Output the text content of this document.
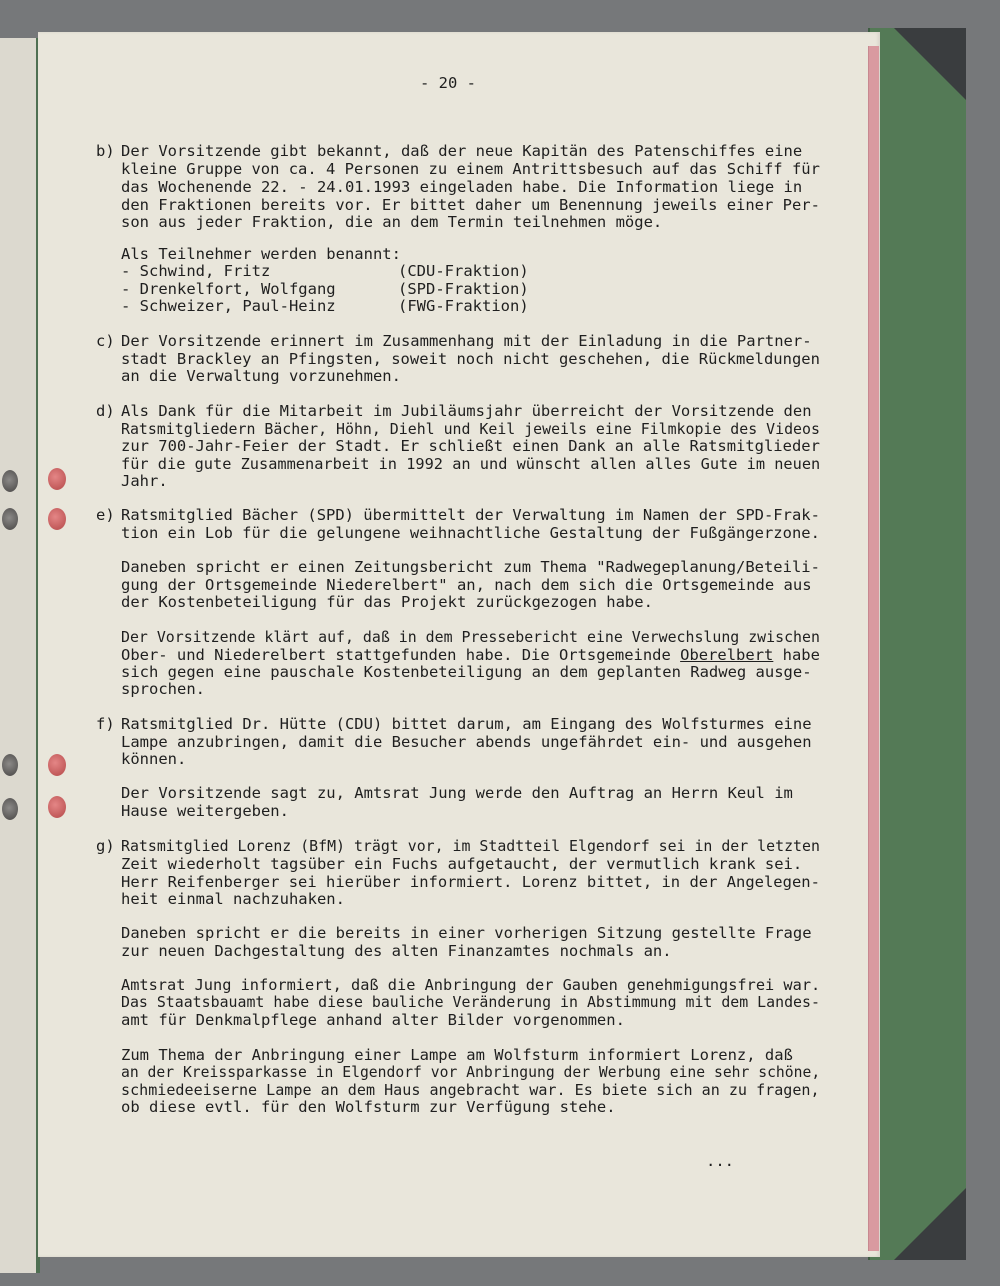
- 20 -

b) Der Vorsitzende gibt bekannt, daß der neue Kapitän des Patenschiffes eine

kleine Gruppe von ca. 4 Personen zu einem Antrittsbesuch auf das Schiff für

das Wochenende 22. - 24.01.1993 eingeladen habe. Die Information liege in

den Fraktionen bereits vor. Er bittet daher um Benennung jeweils einer Per-

son aus jeder Fraktion, die an dem Termin teilnehmen möge.

Als Teilnehmer werden benannt:

- Schwind, Fritz	(CDU-Fraktion)

- Drenkelfort, Wolfgang	(SPD-Fraktion)

- Schweizer, Paul-Heinz	(FWG-Fraktion)

c) Der Vorsitzende erinnert im Zusammenhang mit der Einladung in die Partner-

stadt Brackley an Pfingsten, soweit noch nicht geschehen, die Rückmeldungen

an die Verwaltung vorzunehmen.

d) Als Dank für die Mitarbeit im Jubiläumsjahr überreicht der Vorsitzende den

Ratsmitgliedern Bächer, Höhn, Diehl und Keil jeweils eine Filmkopie des Videos

zur 700-Jahr-Feier der Stadt. Er schließt einen Dank an alle Ratsmitglieder

für die gute Zusammenarbeit in 1992 an und wünscht allen alles Gute im neuen

Jahr.

e) Ratsmitglied Bächer (SPD) übermittelt der Verwaltung im Namen der SPD-Frak-

tion ein Lob für die gelungene weihnachtliche Gestaltung der Fußgängerzone.

Daneben spricht er einen Zeitungsbericht zum Thema "Radwegeplanung/Beteili-

gung der Ortsgemeinde Niederelbert" an, nach dem sich die Ortsgemeinde aus

der Kostenbeteiligung für das Projekt zurückgezogen habe.

Der Vorsitzende klärt auf, daß in dem Pressebericht eine Verwechslung zwischen

Ober- und Niederelbert stattgefunden habe. Die Ortsgemeinde Oberelbert habe

sich gegen eine pauschale Kostenbeteiligung an dem geplanten Radweg ausge-

sprochen.

f) Ratsmitglied Dr. Hütte (CDU) bittet darum, am Eingang des Wolfsturmes eine

Lampe anzubringen, damit die Besucher abends ungefährdet ein- und ausgehen

können.

Der Vorsitzende sagt zu, Amtsrat Jung werde den Auftrag an Herrn Keul im

Hause weitergeben.

g) Ratsmitglied Lorenz (BfM) trägt vor, im Stadtteil Elgendorf sei in der letzten

Zeit wiederholt tagsüber ein Fuchs aufgetaucht, der vermutlich krank sei.

Herr Reifenberger sei hierüber informiert. Lorenz bittet, in der Angelegen-

heit einmal nachzuhaken.

Daneben spricht er die bereits in einer vorherigen Sitzung gestellte Frage

zur neuen Dachgestaltung des alten Finanzamtes nochmals an.

Amtsrat Jung informiert, daß die Anbringung der Gauben genehmigungsfrei war.

Das Staatsbauamt habe diese bauliche Veränderung in Abstimmung mit dem Landes-

amt für Denkmalpflege anhand alter Bilder vorgenommen.

Zum Thema der Anbringung einer Lampe am Wolfsturm informiert Lorenz, daß

an der Kreissparkasse in Elgendorf vor Anbringung der Werbung eine sehr schöne,

schmiedeeiserne Lampe an dem Haus angebracht war. Es biete sich an zu fragen,

ob diese evtl. für den Wolfsturm zur Verfügung stehe.

...
